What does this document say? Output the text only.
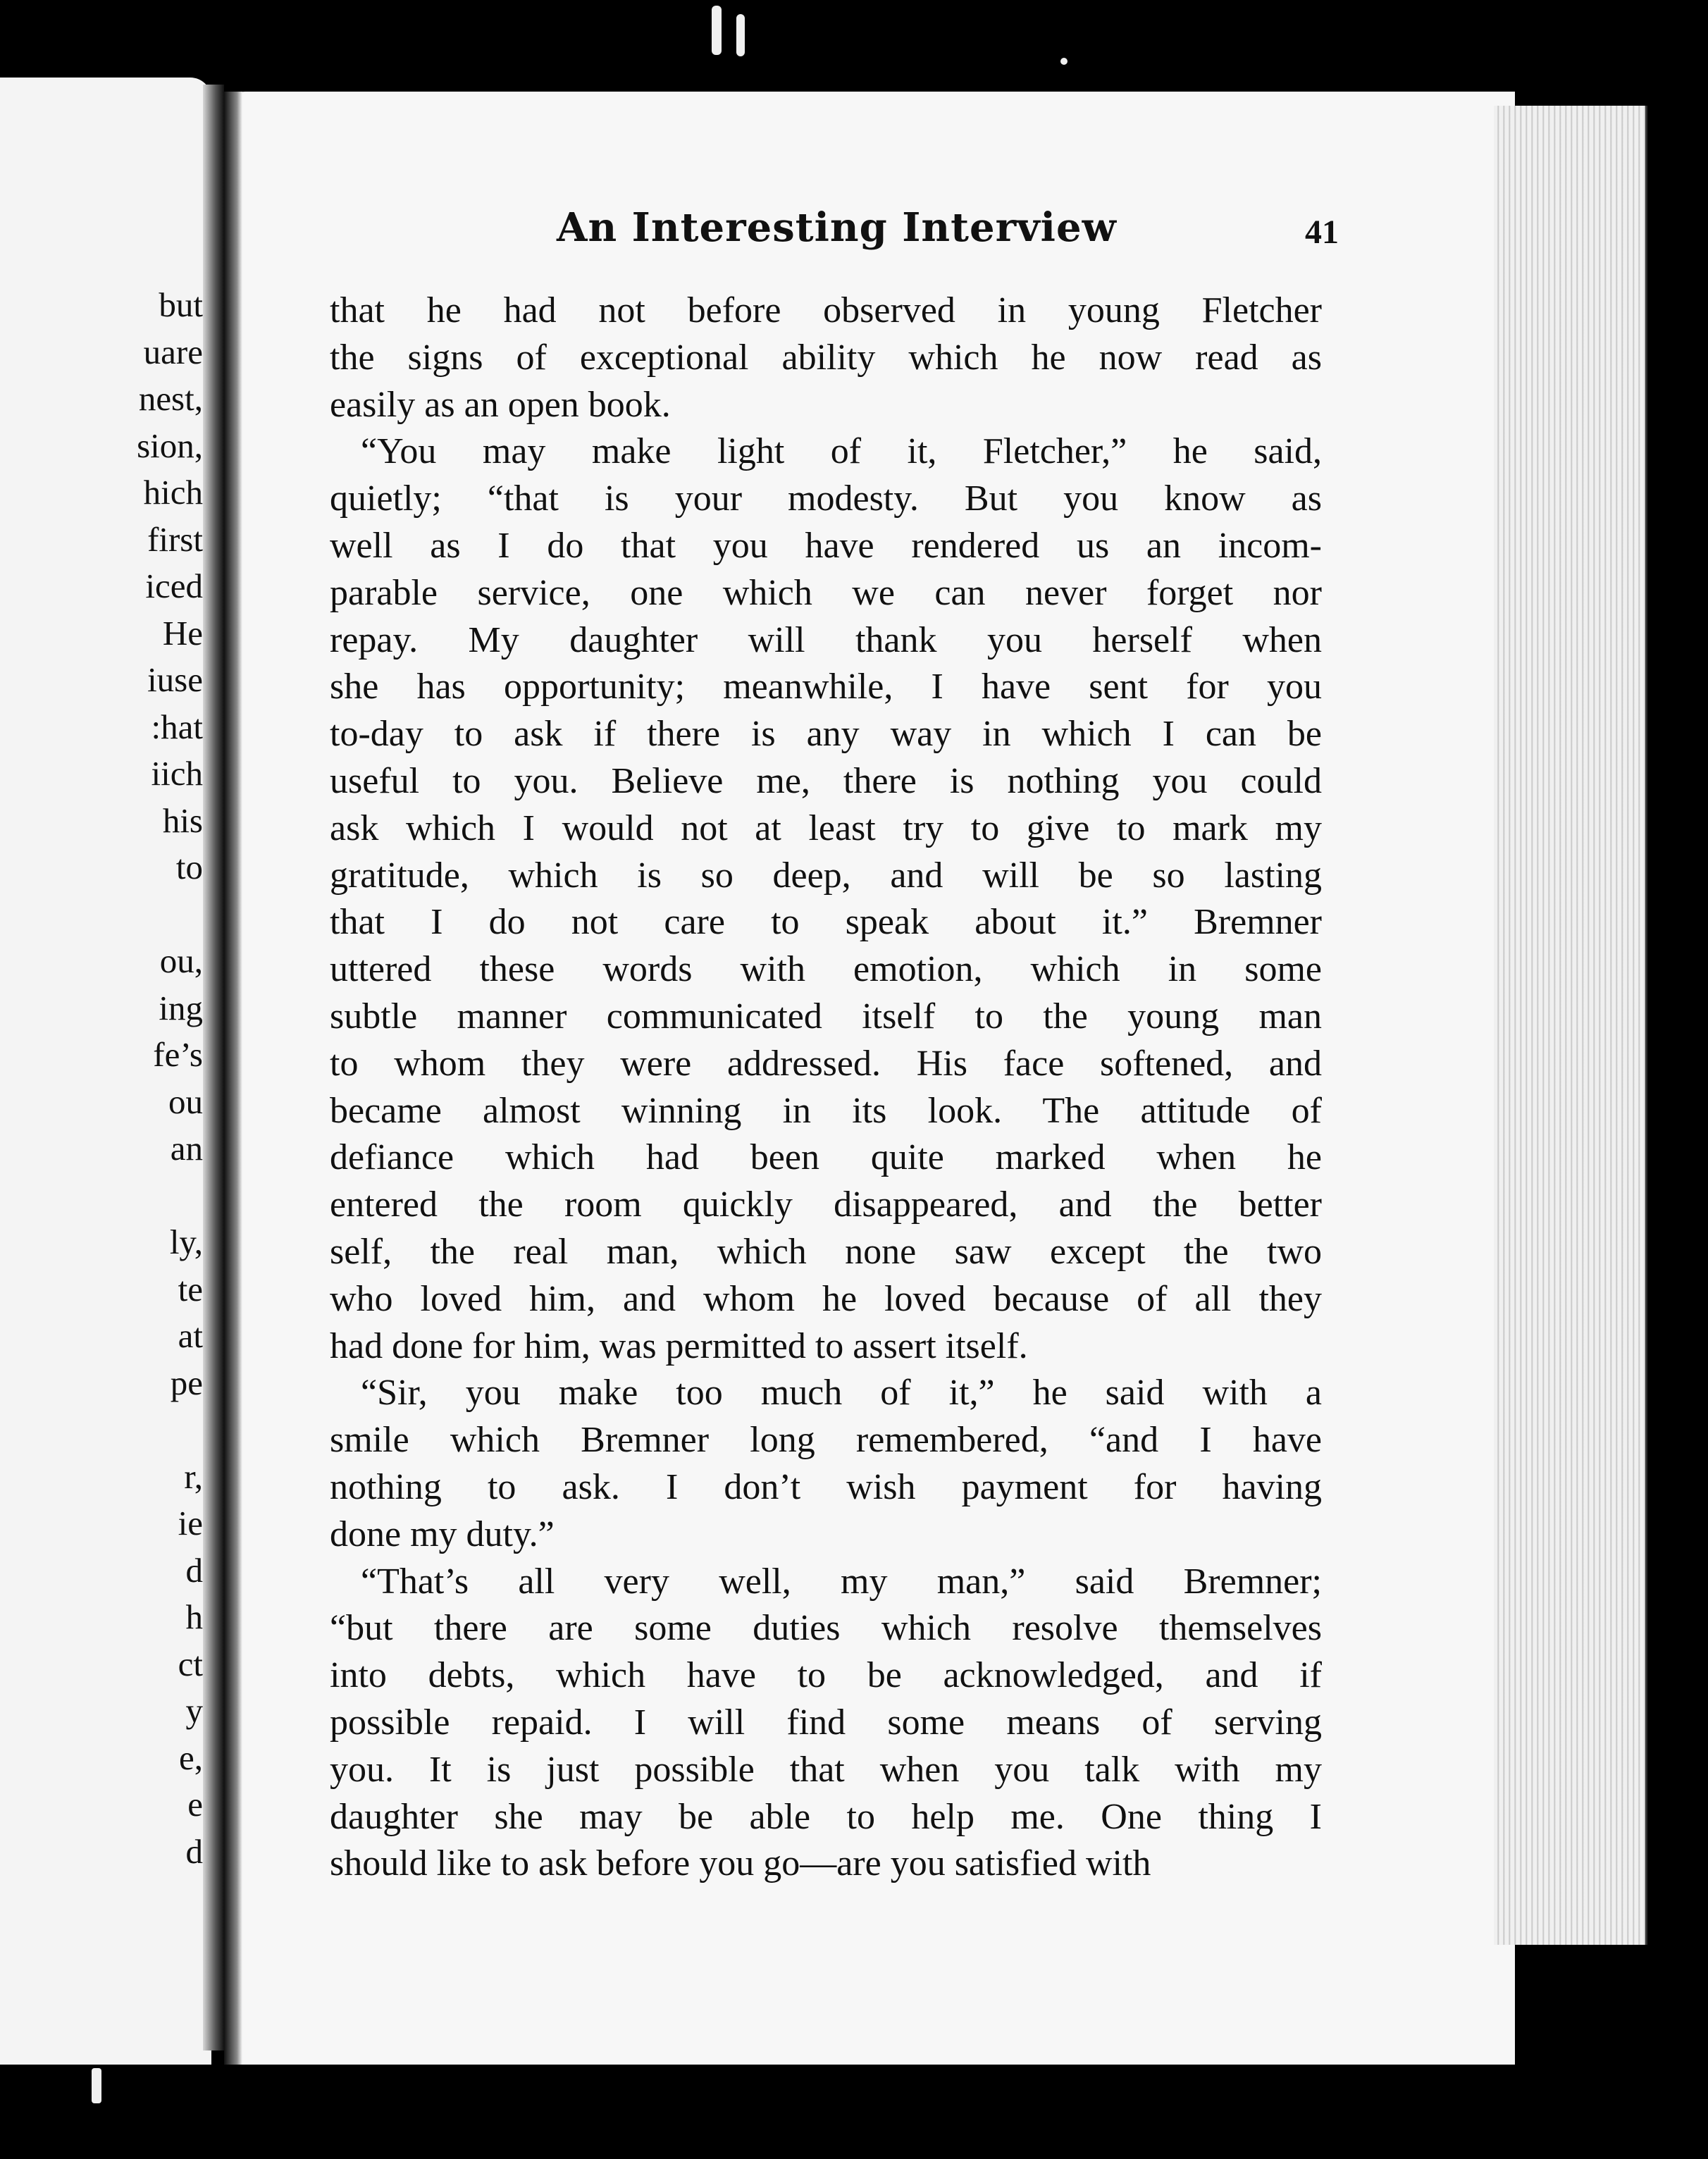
but
uare
nest,
sion,
hich
first
iced
He
iuse
:hat
iich
his
to
ou,
ing
fe’s
ou
an
ly,
te
at
pe
r,
ie
d
h
ct
y
e,
e
d
An Interesting Interview	41
that he had not before observed in young Fletcher
the signs of exceptional ability which he now read as
easily as an open book.
“You may make light of it, Fletcher,” he said,
quietly; “that is your modesty. But you know as
well as I do that you have rendered us an incom-
parable service, one which we can never forget nor
repay. My daughter will thank you herself when
she has opportunity; meanwhile, I have sent for you
to-day to ask if there is any way in which I can be
useful to you. Believe me, there is nothing you could
ask which I would not at least try to give to mark my
gratitude, which is so deep, and will be so lasting
that I do not care to speak about it.” Bremner
uttered these words with emotion, which in some
subtle manner communicated itself to the young man
to whom they were addressed. His face softened, and
became almost winning in its look. The attitude of
defiance which had been quite marked when he
entered the room quickly disappeared, and the better
self, the real man, which none saw except the two
who loved him, and whom he loved because of all they
had done for him, was permitted to assert itself.
“Sir, you make too much of it,” he said with a
smile which Bremner long remembered, “and I have
nothing to ask. I don’t wish payment for having
done my duty.”
“That’s all very well, my man,” said Bremner;
“but there are some duties which resolve themselves
into debts, which have to be acknowledged, and if
possible repaid. I will find some means of serving
you. It is just possible that when you talk with my
daughter she may be able to help me. One thing I
should like to ask before you go—are you satisfied with
